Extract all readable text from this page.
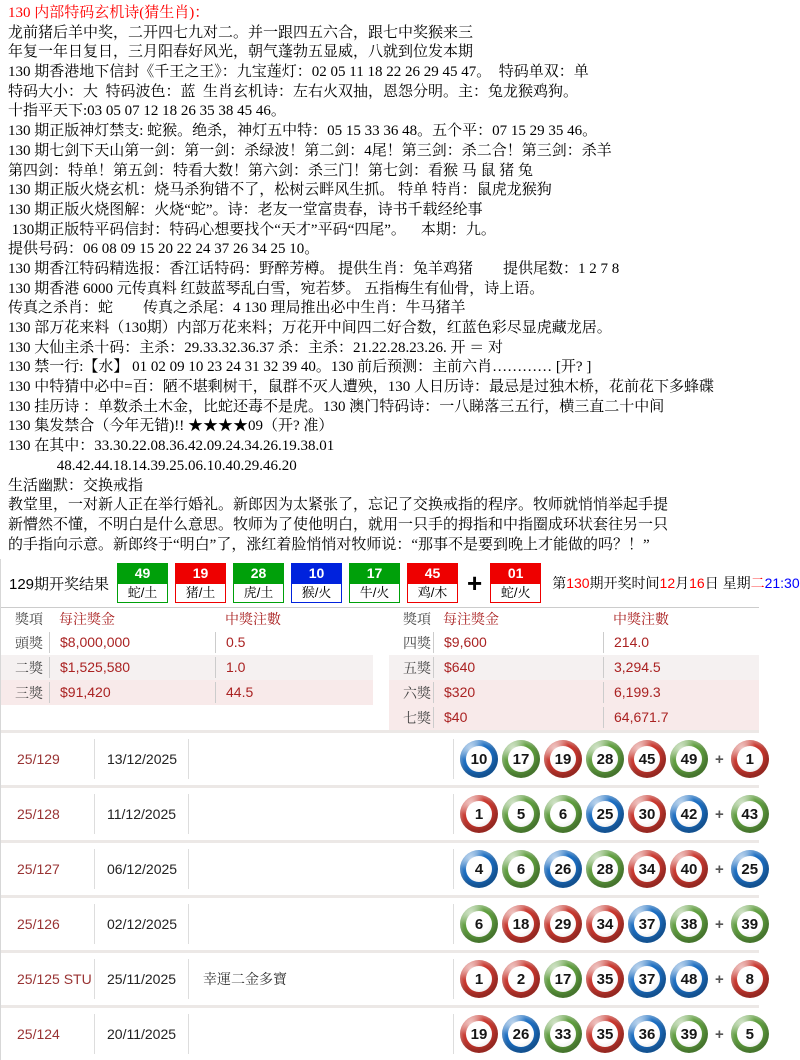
130 内部特码玄机诗(猜生肖)：
龙前猪后羊中奖，二开四七九对二。并一跟四五六合，跟七中奖猴来三
年复一年日复日，三月阳春好风光，朝气蓬勃五显威，八就到位发本期
130 期香港地下信封《千王之王》：九宝莲灯：02 05 11 18 22 26 29 45 47。  特码单双：单
特码大小：大  特码波色：蓝  生肖玄机诗：左右火双抽，恩怨分明。主：兔龙猴鸡狗。
十指平天下:03 05 07 12 18 26 35 38 45 46。
130 期正版神灯禁支: 蛇猴。绝杀，神灯五中特：05 15 33 36 48。五个平：07 15 29 35 46。
130 期七剑下天山第一剑：第一剑：杀绿波！第二剑：4尾！第三剑：杀二合！第三剑：杀羊
第四剑：特单！第五剑：特看大数！第六剑：杀三门！第七剑：看猴 马 鼠 猪 兔
130 期正版火烧玄机：烧马杀狗错不了，松树云畔风生抓。 特单 特肖：鼠虎龙猴狗
130 期正版火烧图解：火烧“蛇”。诗：老友一堂富贵春，诗书千载经纶事
130期正版特平码信封：特码心想要找个“天才”平码“四尾”。    本期：九。
提供号码：06 08 09 15 20 22 24 37 26 34 25 10。
130 期香江特码精选报：香江话特码：野醉芳樽。 提供生肖：兔羊鸡猪        提供尾数：1 2 7 8
130 期香港 6000 元传真料 红鼓蓝琴乱白雪，宛若梦。 五指梅生有仙骨，诗上语。
传真之杀肖：蛇        传真之杀尾：4 130 理局推出必中生肖：牛马猪羊
130 部万花来料（130期）内部万花来料；万花开中间四二好合数，红蓝色彩尽显虎藏龙居。
130 大仙主杀十码：主杀：29.33.32.36.37 杀：主杀：21.22.28.23.26. 开 ＝ 对
130 禁一行:【水】 01 02 09 10 23 24 31 32 39 40。130 前后预测：主前六肖………… [开? ]
130 中特猜中必中=百：陋不堪剩树干，鼠群不灭人遭殃，130 人日历诗：最忌是过独木桥，花前花下多蜂碟
130 挂历诗 ：单数杀土木金，比蛇还毒不是虎。130 澳门特码诗：一八睇落三五行，横三直二十中间
130 集发禁合（今年无错)!! ★★★★09（开? 准）
130 在其中：33.30.22.08.36.42.09.24.34.26.19.38.01
48.42.44.18.14.39.25.06.10.40.29.46.20
生活幽默：交换戒指
教堂里，一对新人正在举行婚礼。新郎因为太紧张了，忘记了交换戒指的程序。牧师就悄悄举起手提
新懵然不懂，不明白是什么意思。牧师为了使他明白，就用一只手的拇指和中指圈成环状套往另一只
的手指向示意。新郎终于“明白”了，涨红着脸悄悄对牧师说：“那事不是要到晚上才能做的吗？！”
129期开奖结果
49
蛇/土
19
猪/土
28
虎/土
10
猴/火
17
牛/火
45
鸡/木 +	01
蛇/火
第130期开奖时间12月16日 星期二21:30
獎項	每注獎金	中獎注數
頭獎	$8,000,000	0.5
二獎	$1,525,580	1.0
三獎	$91,420	44.5
獎項 每注獎金	中獎注數
四獎 $9,600	214.0
五獎 $640	3,294.5
六獎 $320	6,199.3
七獎 $40	64,671.7
25/129	13/12/2025	10	17	19	28	45	49	+	1
25/128	11/12/2025	1	5	6	25	30	42	+	43
25/127	06/12/2025	4	6	26	28	34	40	+	25
25/126	02/12/2025	6	18	29	34	37	38	+	39
25/125 STU	25/11/2025	幸運二金多寶	1	2	17	35	37	48	+	8
25/124	20/11/2025	19	26	33	35	36	39	+	5
